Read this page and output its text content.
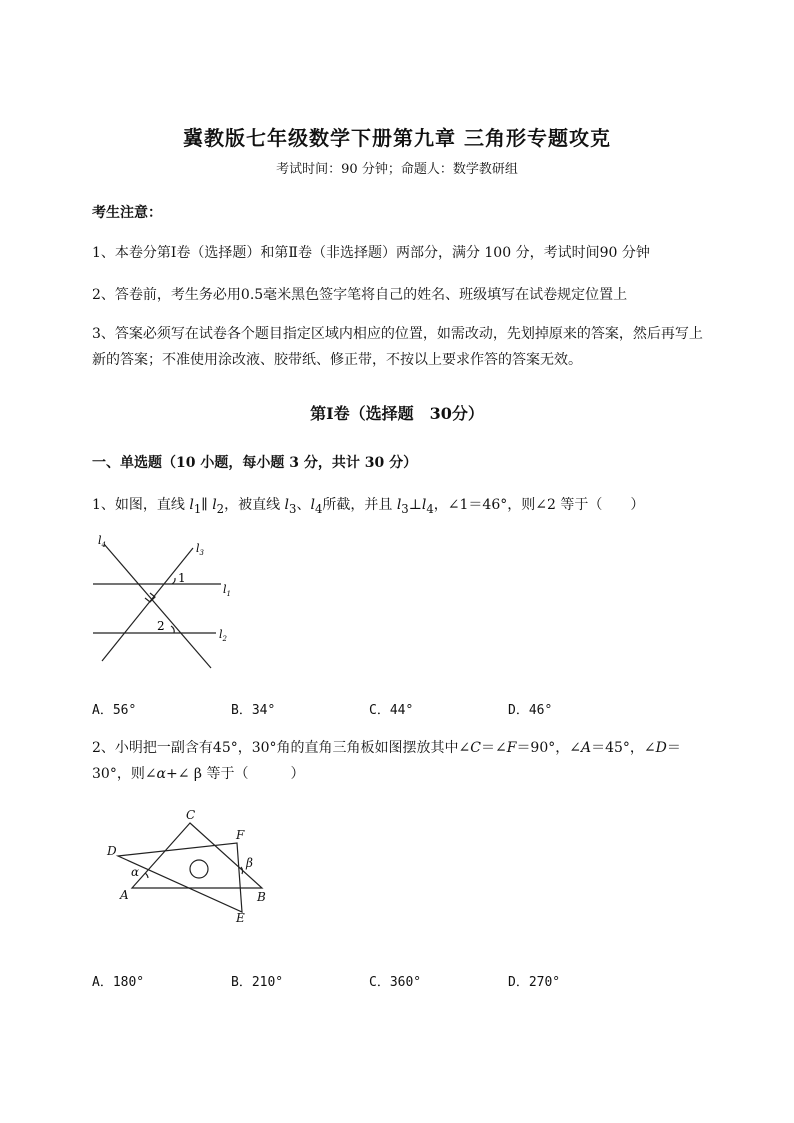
冀教版七年级数学下册第九章 三角形专题攻克
考试时间：90 分钟；命题人：数学教研组
考生注意：
1、本卷分第Ⅰ卷（选择题）和第Ⅱ卷（非选择题）两部分，满分 100 分，考试时间90 分钟
2、答卷前，考生务必用0.5毫米黑色签字笔将自己的姓名、班级填写在试卷规定位置上
3、答案必须写在试卷各个题目指定区域内相应的位置，如需改动，先划掉原来的答案，然后再写上新的答案；不准使用涂改液、胶带纸、修正带，不按以上要求作答的答案无效。
第Ⅰ卷（选择题　30分）
一、单选题（10 小题，每小题 3 分，共计 30 分）
1、如图，直线 $l_1\parallel$ $l_2$，被直线 $l_3$、$l_4$所截，并且 $l_3\perp l_4$，∠1＝46°，则∠2 等于（　　）
$l_4$	$l_3$
$l_1$
$l_2$
1
2
A．56°	B．34°	C．44°	D．46°
2、小明把一副含有45°，30°角的直角三角板如图摆放其中∠C＝∠F＝90°，∠A＝45°，∠D＝30°，则∠α+∠ β 等于（　　　）
C
F
D
α
β
A	B
E
A．180°	B．210°	C．360°	D．270°
